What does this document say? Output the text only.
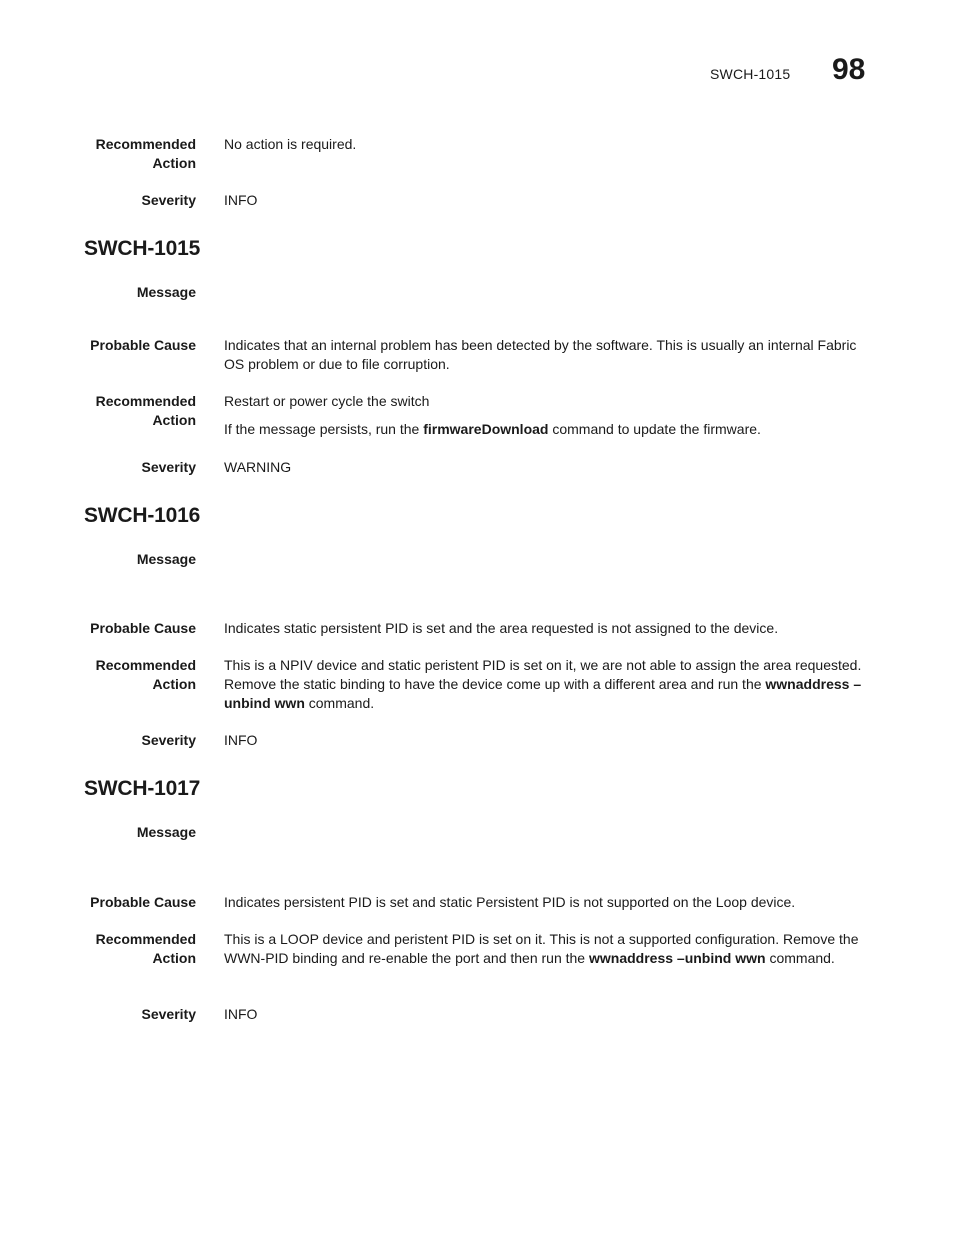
SWCH-1015 98
Recommended
Action
No action is required.
Severity INFO
SWCH-1015
Message
Probable Cause Indicates that an internal problem has been detected by the software. This is usually an internal Fabric OS problem or due to file corruption.
Recommended
Action

Restart or power cycle the switch

If the message persists, run the firmwareDownload command to update the firmware.

Severity WARNING
SWCH-1016
Message
Probable Cause Indicates static persistent PID is set and the area requested is not assigned to the device.
Recommended
Action
This is a NPIV device and static peristent PID is set on it, we are not able to assign the area requested. Remove the static binding to have the device come up with a different area and run the wwnaddress –unbind wwn command.
Severity INFO
SWCH-1017
Message
Probable Cause Indicates persistent PID is set and static Persistent PID is not supported on the Loop device.
Recommended
Action
This is a LOOP device and peristent PID is set on it. This is not a supported configuration. Remove the WWN-PID binding and re-enable the port and then run the wwnaddress –unbind wwn command.
Severity INFO
